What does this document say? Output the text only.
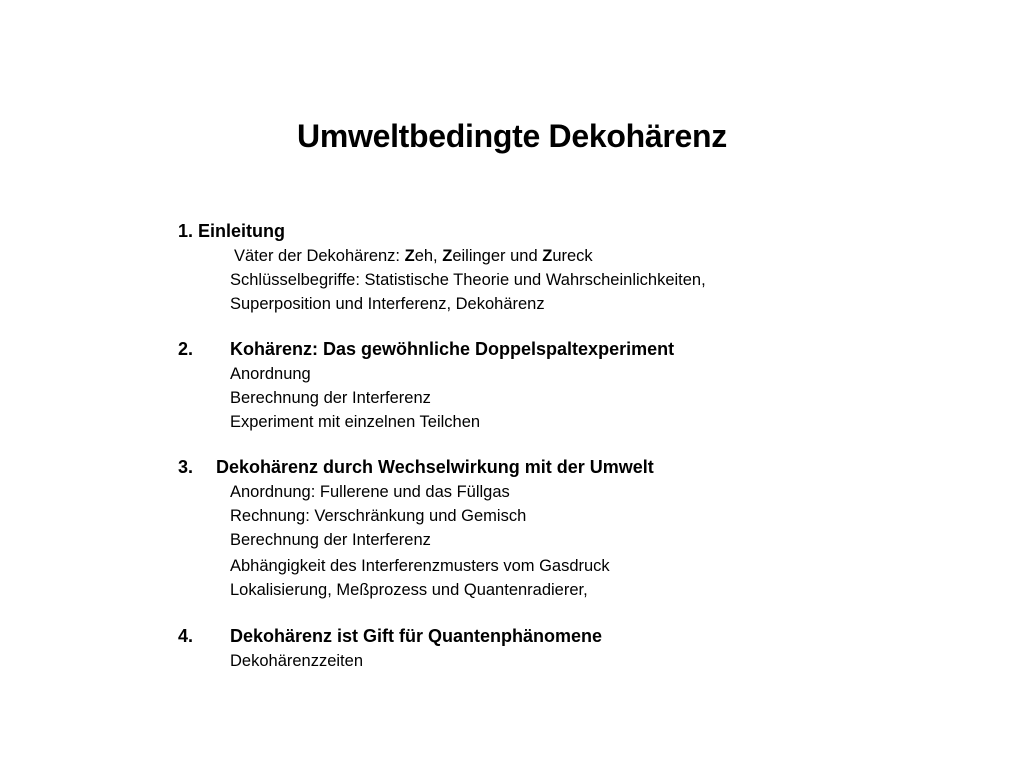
Umweltbedingte Dekohärenz
1. Einleitung
Väter der Dekohärenz: Zeh, Zeilinger und Zureck
Schlüsselbegriffe: Statistische Theorie und Wahrscheinlichkeiten,
Superposition und Interferenz, Dekohärenz
2. Kohärenz: Das gewöhnliche Doppelspaltexperiment
Anordnung
Berechnung der Interferenz
Experiment mit einzelnen Teilchen
3. Dekohärenz durch Wechselwirkung mit der Umwelt
Anordnung: Fullerene und das Füllgas
Rechnung: Verschränkung und Gemisch
Berechnung der Interferenz
Abhängigkeit des Interferenzmusters vom Gasdruck
Lokalisierung, Meßprozess und Quantenradierer,
4. Dekohärenz ist Gift für Quantenphänomene
Dekohärenzzeiten
